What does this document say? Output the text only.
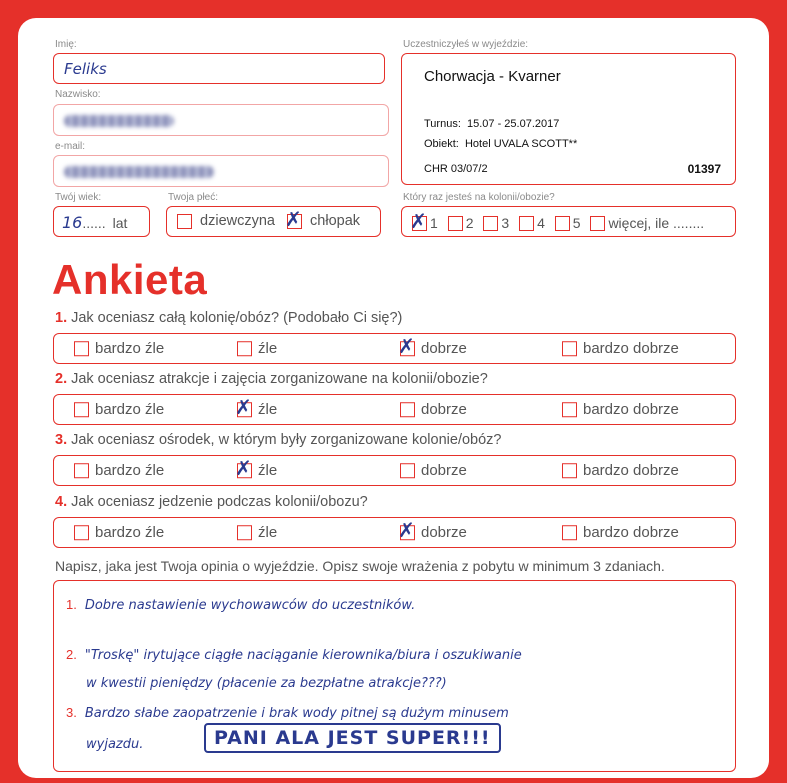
Imię:
Feliks
Nazwisko:
e-mail:
Twój wiek:
16...... lat
Twoja płeć:
dziewczyna ✗ chłopak
Uczestniczyłeś w wyjeździe:
Chorwacja - Kvarner
Turnus:  15.07 - 25.07.2017
Obiekt:  Hotel UVALA SCOTT**
CHR 03/07/2	01397
Który raz jesteś na kolonii/obozie?
✗ 1 2 3 4 5 więcej, ile ........
Ankieta
1. Jak oceniasz całą kolonię/obóz? (Podobało Ci się?)
bardzo źle	źle	✗ dobrze	bardzo dobrze
2. Jak oceniasz atrakcje i zajęcia zorganizowane na kolonii/obozie?
bardzo źle	✗ źle	dobrze	bardzo dobrze
3. Jak oceniasz ośrodek, w którym były zorganizowane kolonie/obóz?
bardzo źle	✗ źle	dobrze	bardzo dobrze
4. Jak oceniasz jedzenie podczas kolonii/obozu?
bardzo źle	źle	✗ dobrze	bardzo dobrze
Napisz, jaka jest Twoja opinia o wyjeździe. Opisz swoje wrażenia z pobytu w minimum 3 zdaniach.
1. Dobre nastawienie wychowawców do uczestników.
2. "Troskę" irytujące ciągłe naciąganie kierownika/biura i oszukiwanie
w kwestii pieniędzy (płacenie za bezpłatne atrakcje???)
3. Bardzo słabe zaopatrzenie i brak wody pitnej są dużym minusem
wyjazdu.	PANI ALA JEST SUPER!!!
